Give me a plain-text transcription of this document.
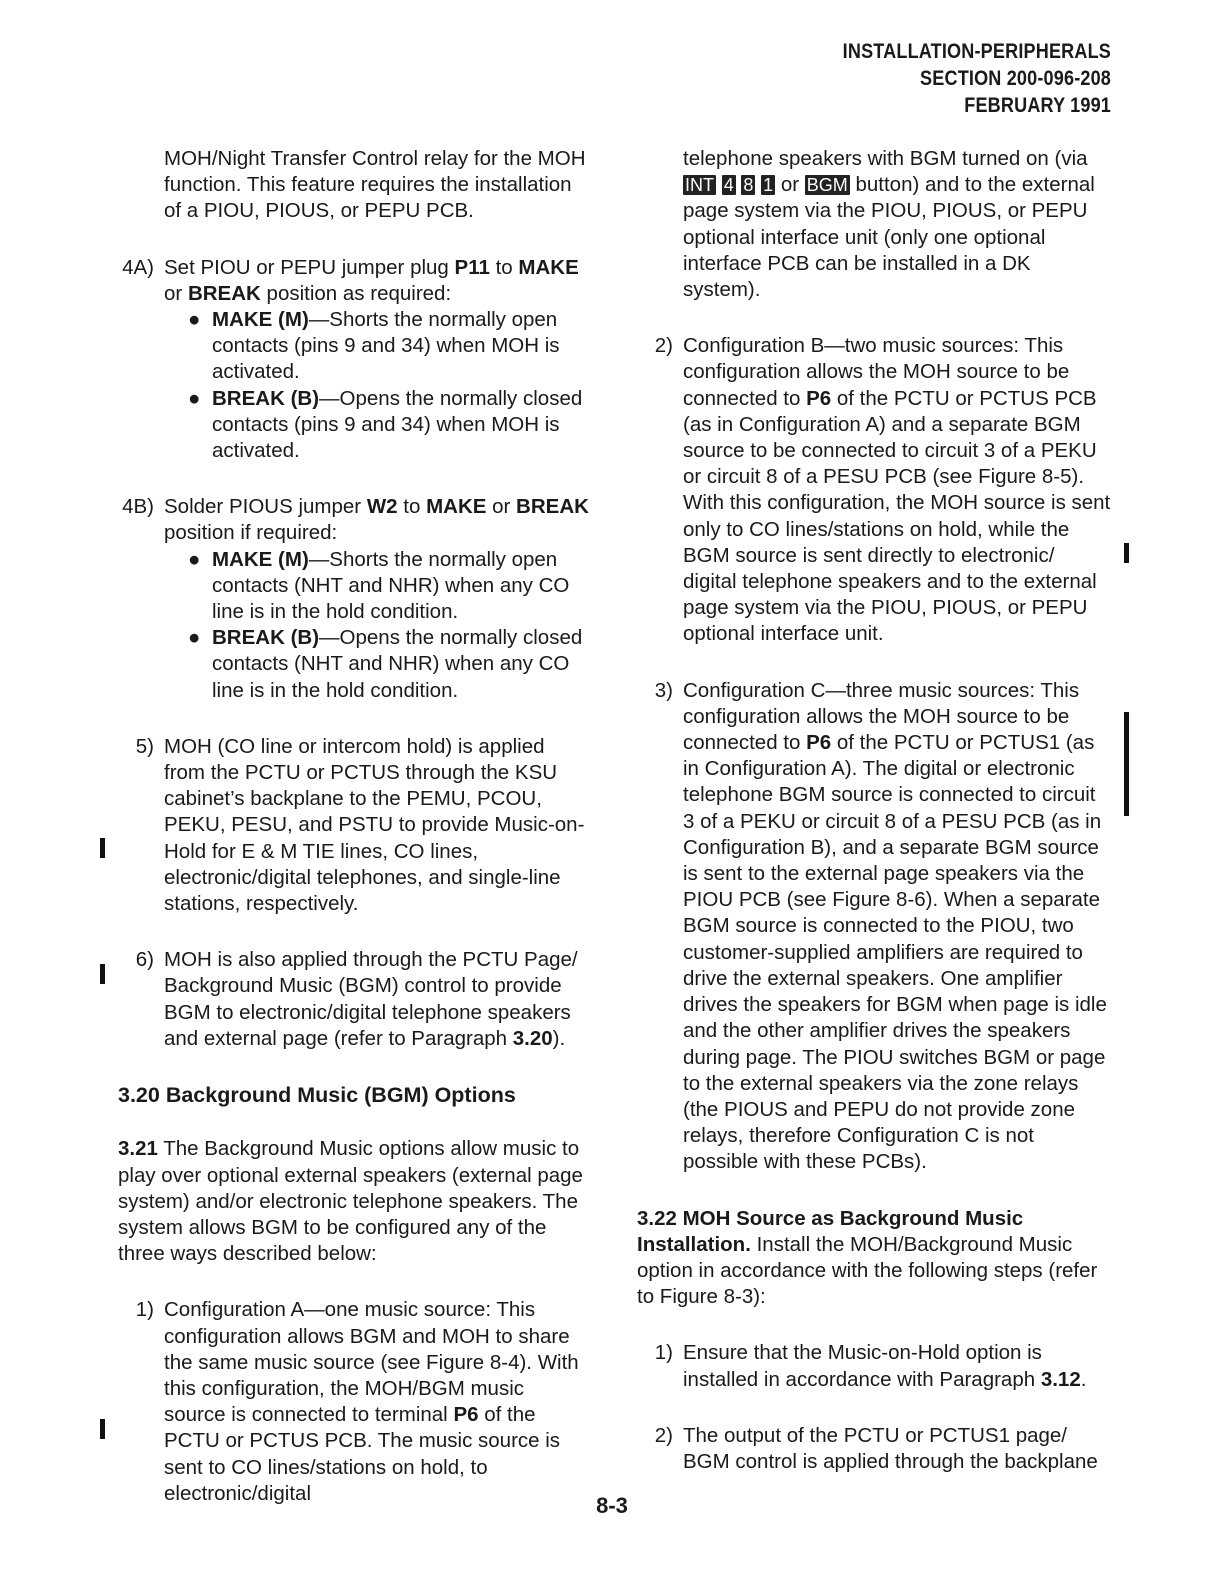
INSTALLATION-PERIPHERALS
SECTION 200-096-208
FEBRUARY 1991

MOH/Night Transfer Control relay for the MOH function. This feature requires the installation of a PIOU, PIOUS, or PEPU PCB.

4A) Set PIOU or PEPU jumper plug P11 to MAKE or BREAK position as required:
● MAKE (M)—Shorts the normally open contacts (pins 9 and 34) when MOH is activated.
● BREAK (B)—Opens the normally closed contacts (pins 9 and 34) when MOH is activated.
4B) Solder PIOUS jumper W2 to MAKE or BREAK position if required:
● MAKE (M)—Shorts the normally open contacts (NHT and NHR) when any CO line is in the hold condition.
● BREAK (B)—Opens the normally closed contacts (NHT and NHR) when any CO line is in the hold condition.
5) MOH (CO line or intercom hold) is applied from the PCTU or PCTUS through the KSU cabinet’s backplane to the PEMU, PCOU, PEKU, PESU, and PSTU to provide Music-on-Hold for E & M TIE lines, CO lines, electronic/digital telephones, and single-line stations, respectively.
6) MOH is also applied through the PCTU Page/ Background Music (BGM) control to provide BGM to electronic/digital telephone speakers and external page (refer to Paragraph 3.20).
3.20 Background Music (BGM) Options

3.21 The Background Music options allow music to play over optional external speakers (external page system) and/or electronic telephone speakers. The system allows BGM to be configured any of the three ways described below:

1) Configuration A—one music source: This configuration allows BGM and MOH to share the same music source (see Figure 8-4). With this configuration, the MOH/BGM music source is connected to terminal P6 of the PCTU or PCTUS PCB. The music source is sent to CO lines/stations on hold, to electronic/digital

telephone speakers with BGM turned on (via INT 4 8 1 or BGM button) and to the external page system via the PIOU, PIOUS, or PEPU optional interface unit (only one optional interface PCB can be installed in a DK system).

2) Configuration B—two music sources: This configuration allows the MOH source to be connected to P6 of the PCTU or PCTUS PCB (as in Configuration A) and a separate BGM source to be connected to circuit 3 of a PEKU or circuit 8 of a PESU PCB (see Figure 8-5). With this configuration, the MOH source is sent only to CO lines/stations on hold, while the BGM source is sent directly to electronic/ digital telephone speakers and to the external page system via the PIOU, PIOUS, or PEPU optional interface unit.
3) Configuration C—three music sources: This configuration allows the MOH source to be connected to P6 of the PCTU or PCTUS1 (as in Configuration A). The digital or electronic telephone BGM source is connected to circuit 3 of a PEKU or circuit 8 of a PESU PCB (as in Configuration B), and a separate BGM source is sent to the external page speakers via the PIOU PCB (see Figure 8-6). When a separate BGM source is connected to the PIOU, two customer-supplied amplifiers are required to drive the external speakers. One amplifier drives the speakers for BGM when page is idle and the other amplifier drives the speakers during page. The PIOU switches BGM or page to the external speakers via the zone relays (the PIOUS and PEPU do not provide zone relays, therefore Configuration C is not possible with these PCBs).

3.22 MOH Source as Background Music Installation. Install the MOH/Background Music option in accordance with the following steps (refer to Figure 8-3):

1) Ensure that the Music-on-Hold option is installed in accordance with Paragraph 3.12.
2) The output of the PCTU or PCTUS1 page/ BGM control is applied through the backplane
8-3
